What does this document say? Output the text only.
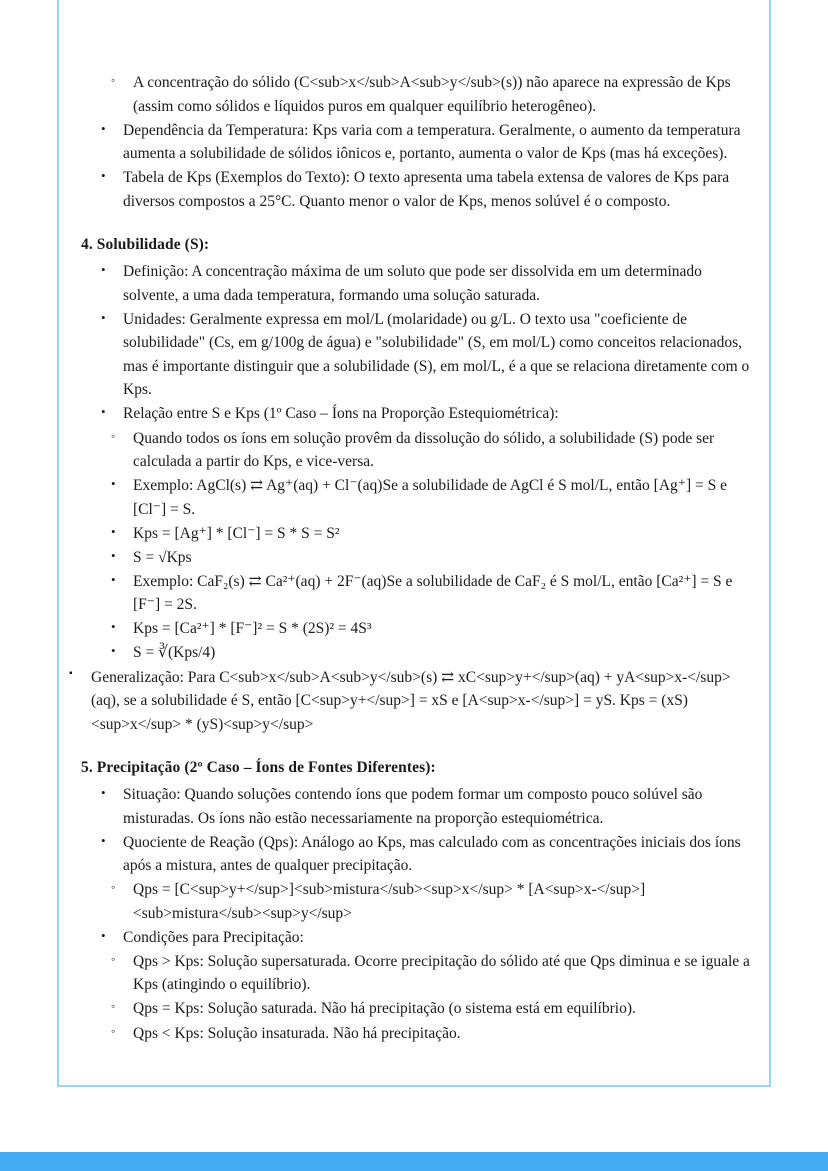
◦	A concentração do sólido (C<sub>x</sub>A<sub>y</sub>(s)) não aparece na expressão de Kps (assim como sólidos e líquidos puros em qualquer equilíbrio heterogêneo).
•	Dependência da Temperatura: Kps varia com a temperatura. Geralmente, o aumento da temperatura aumenta a solubilidade de sólidos iônicos e, portanto, aumenta o valor de Kps (mas há exceções).
•	Tabela de Kps (Exemplos do Texto): O texto apresenta uma tabela extensa de valores de Kps para diversos compostos a 25°C. Quanto menor o valor de Kps, menos solúvel é o composto.
4. Solubilidade (S):
•	Definição: A concentração máxima de um soluto que pode ser dissolvida em um determinado solvente, a uma dada temperatura, formando uma solução saturada.
•	Unidades: Geralmente expressa em mol/L (molaridade) ou g/L. O texto usa "coeficiente de solubilidade" (Cs, em g/100g de água) e "solubilidade" (S, em mol/L) como conceitos relacionados, mas é importante distinguir que a solubilidade (S), em mol/L, é a que se relaciona diretamente com o Kps.
•	Relação entre S e Kps (1º Caso – Íons na Proporção Estequiométrica):
◦	Quando todos os íons em solução provêm da dissolução do sólido, a solubilidade (S) pode ser calculada a partir do Kps, e vice-versa.
•	Exemplo: AgCl(s) ⇄ Ag⁺(aq) + Cl⁻(aq)Se a solubilidade de AgCl é S mol/L, então [Ag⁺] = S e [Cl⁻] = S.
•	Kps = [Ag⁺] * [Cl⁻] = S * S = S²
•	S = √Kps
•	Exemplo: CaF₂(s) ⇄ Ca²⁺(aq) + 2F⁻(aq)Se a solubilidade de CaF₂ é S mol/L, então [Ca²⁺] = S e [F⁻] = 2S.
•	Kps = [Ca²⁺] * [F⁻]² = S * (2S)² = 4S³
•	S = ∛(Kps/4)
▪	Generalização: Para C<sub>x</sub>A<sub>y</sub>(s) ⇄ xC<sup>y+</sup>(aq) + yA<sup>x-</sup>(aq), se a solubilidade é S, então [C<sup>y+</sup>] = xS e [A<sup>x-</sup>] = yS. Kps = (xS)<sup>x</sup> * (yS)<sup>y</sup>
5. Precipitação (2º Caso – Íons de Fontes Diferentes):
•	Situação: Quando soluções contendo íons que podem formar um composto pouco solúvel são misturadas. Os íons não estão necessariamente na proporção estequiométrica.
•	Quociente de Reação (Qps): Análogo ao Kps, mas calculado com as concentrações iniciais dos íons após a mistura, antes de qualquer precipitação.
◦	Qps = [C<sup>y+</sup>]<sub>mistura</sub><sup>x</sup> * [A<sup>x-</sup>] <sub>mistura</sub><sup>y</sup>
•	Condições para Precipitação:
◦	Qps > Kps: Solução supersaturada. Ocorre precipitação do sólido até que Qps diminua e se iguale a Kps (atingindo o equilíbrio).
◦	Qps = Kps: Solução saturada. Não há precipitação (o sistema está em equilíbrio).
◦	Qps < Kps: Solução insaturada. Não há precipitação.
